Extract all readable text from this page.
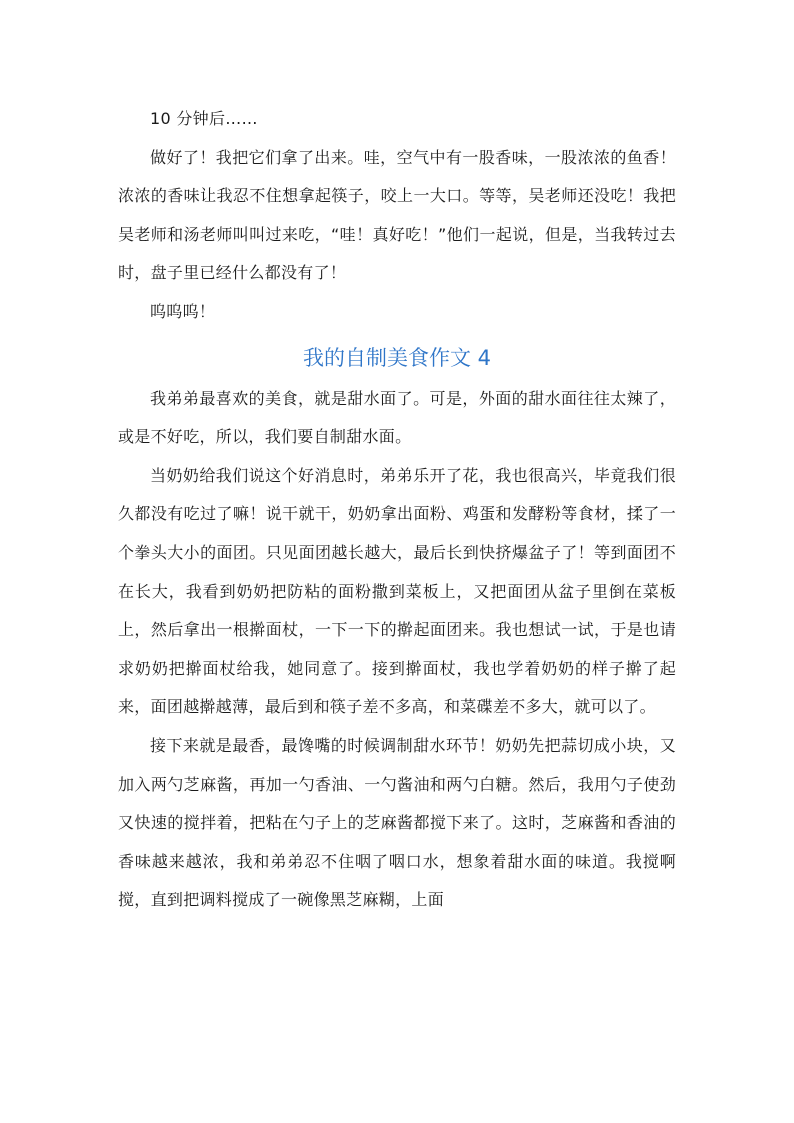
10 分钟后……

做好了！我把它们拿了出来。哇，空气中有一股香味，一股浓浓的鱼香！浓浓的香味让我忍不住想拿起筷子，咬上一大口。等等，吴老师还没吃！我把吴老师和汤老师叫叫过来吃，“哇！真好吃！”他们一起说，但是，当我转过去时，盘子里已经什么都没有了！

呜呜呜！

我的自制美食作文 4

我弟弟最喜欢的美食，就是甜水面了。可是，外面的甜水面往往太辣了，或是不好吃，所以，我们要自制甜水面。

当奶奶给我们说这个好消息时，弟弟乐开了花，我也很高兴，毕竟我们很久都没有吃过了嘛！说干就干，奶奶拿出面粉、鸡蛋和发酵粉等食材，揉了一个拳头大小的面团。只见面团越长越大，最后长到快挤爆盆子了！等到面团不在长大，我看到奶奶把防粘的面粉撒到菜板上，又把面团从盆子里倒在菜板上，然后拿出一根擀面杖，一下一下的擀起面团来。我也想试一试，于是也请求奶奶把擀面杖给我，她同意了。接到擀面杖，我也学着奶奶的样子擀了起来，面团越擀越薄，最后到和筷子差不多高，和菜碟差不多大，就可以了。

接下来就是最香，最馋嘴的时候调制甜水环节！奶奶先把蒜切成小块，又加入两勺芝麻酱，再加一勺香油、一勺酱油和两勺白糖。然后，我用勺子使劲又快速的搅拌着，把粘在勺子上的芝麻酱都搅下来了。这时，芝麻酱和香油的香味越来越浓，我和弟弟忍不住咽了咽口水，想象着甜水面的味道。我搅啊搅，直到把调料搅成了一碗像黑芝麻糊，上面
